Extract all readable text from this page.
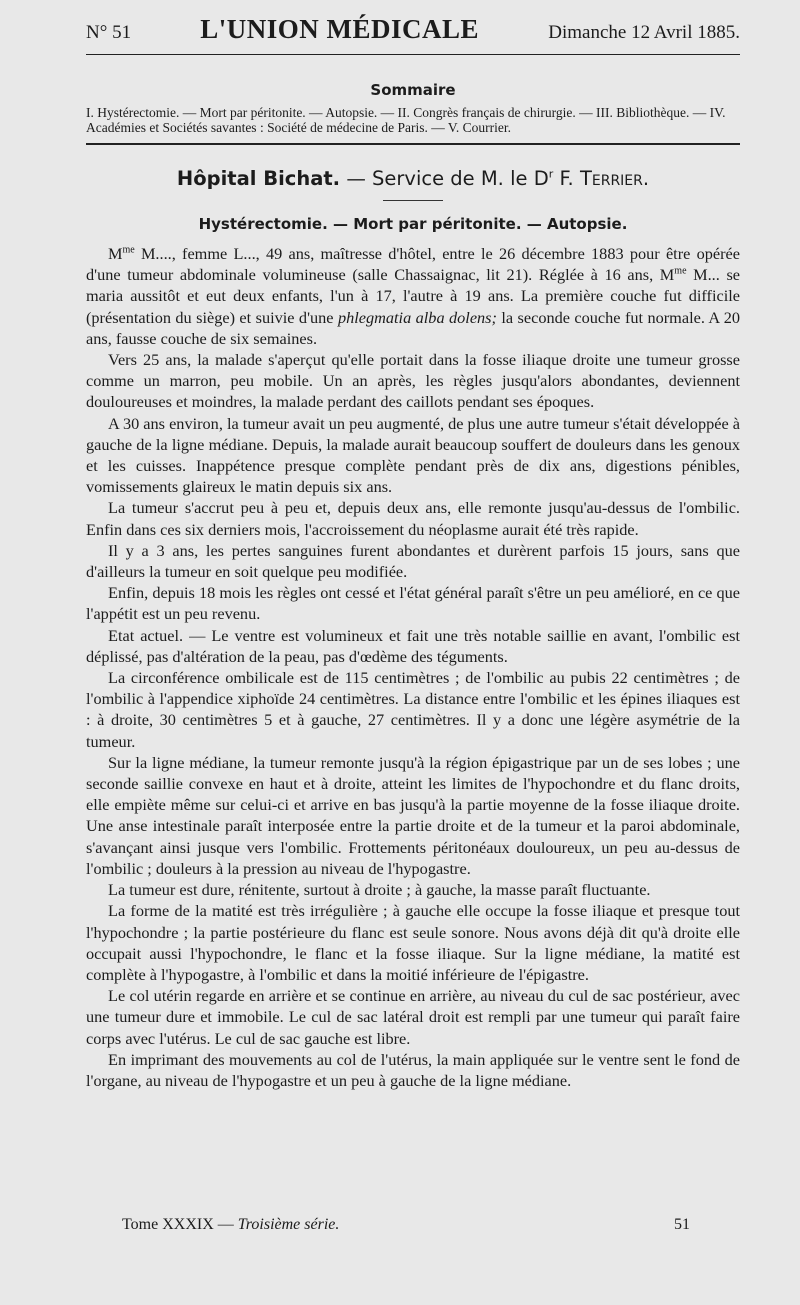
N° 51	L'UNION MÉDICALE	Dimanche 12 Avril 1885.
Sommaire
I. Hystérectomie. — Mort par péritonite. — Autopsie. — II. Congrès français de chirurgie. — III. Bibliothèque. — IV. Académies et Sociétés savantes : Société de médecine de Paris. — V. Courrier.
Hôpital Bichat. — Service de M. le $D^r$ F. Terrier.
Hystérectomie. — Mort par péritonite. — Autopsie.

$M^{me}$ M...., femme L..., 49 ans, maîtresse d'hôtel, entre le 26 décembre 1883 pour être opérée d'une tumeur abdominale volumineuse (salle Chassaignac, lit 21). Réglée à 16 ans, $M^{me}$ M... se maria aussitôt et eut deux enfants, l'un à 17, l'autre à 19 ans. La première couche fut difficile (présentation du siège) et suivie d'une phlegmatia alba dolens; la seconde couche fut normale. A 20 ans, fausse couche de six semaines.

Vers 25 ans, la malade s'aperçut qu'elle portait dans la fosse iliaque droite une tumeur grosse comme un marron, peu mobile. Un an après, les règles jusqu'alors abondantes, deviennent douloureuses et moindres, la malade perdant des caillots pendant ses époques.

A 30 ans environ, la tumeur avait un peu augmenté, de plus une autre tumeur s'était développée à gauche de la ligne médiane. Depuis, la malade aurait beaucoup souffert de douleurs dans les genoux et les cuisses. Inappétence presque complète pendant près de dix ans, digestions pénibles, vomissements glaireux le matin depuis six ans.

La tumeur s'accrut peu à peu et, depuis deux ans, elle remonte jusqu'au-dessus de l'ombilic. Enfin dans ces six derniers mois, l'accroissement du néoplasme aurait été très rapide.

Il y a 3 ans, les pertes sanguines furent abondantes et durèrent parfois 15 jours, sans que d'ailleurs la tumeur en soit quelque peu modifiée.

Enfin, depuis 18 mois les règles ont cessé et l'état général paraît s'être un peu amélioré, en ce que l'appétit est un peu revenu.

Etat actuel. — Le ventre est volumineux et fait une très notable saillie en avant, l'ombilic est déplissé, pas d'altération de la peau, pas d'œdème des téguments.

La circonférence ombilicale est de 115 centimètres ; de l'ombilic au pubis 22 centimètres ; de l'ombilic à l'appendice xiphoïde 24 centimètres. La distance entre l'ombilic et les épines iliaques est : à droite, 30 centimètres 5 et à gauche, 27 centimètres. Il y a donc une légère asymétrie de la tumeur.

Sur la ligne médiane, la tumeur remonte jusqu'à la région épigastrique par un de ses lobes ; une seconde saillie convexe en haut et à droite, atteint les limites de l'hypochondre et du flanc droits, elle empiète même sur celui-ci et arrive en bas jusqu'à la partie moyenne de la fosse iliaque droite. Une anse intestinale paraît interposée entre la partie droite et de la tumeur et la paroi abdominale, s'avançant ainsi jusque vers l'ombilic. Frottements péritonéaux douloureux, un peu au-dessus de l'ombilic ; douleurs à la pression au niveau de l'hypogastre.

La tumeur est dure, rénitente, surtout à droite ; à gauche, la masse paraît fluctuante.

La forme de la matité est très irrégulière ; à gauche elle occupe la fosse iliaque et presque tout l'hypochondre ; la partie postérieure du flanc est seule sonore. Nous avons déjà dit qu'à droite elle occupait aussi l'hypochondre, le flanc et la fosse iliaque. Sur la ligne médiane, la matité est complète à l'hypogastre, à l'ombilic et dans la moitié inférieure de l'épigastre.

Le col utérin regarde en arrière et se continue en arrière, au niveau du cul de sac postérieur, avec une tumeur dure et immobile. Le cul de sac latéral droit est rempli par une tumeur qui paraît faire corps avec l'utérus. Le cul de sac gauche est libre.

En imprimant des mouvements au col de l'utérus, la main appliquée sur le ventre sent le fond de l'organe, au niveau de l'hypogastre et un peu à gauche de la ligne médiane.

Tome XXXIX — Troisième série.	51
